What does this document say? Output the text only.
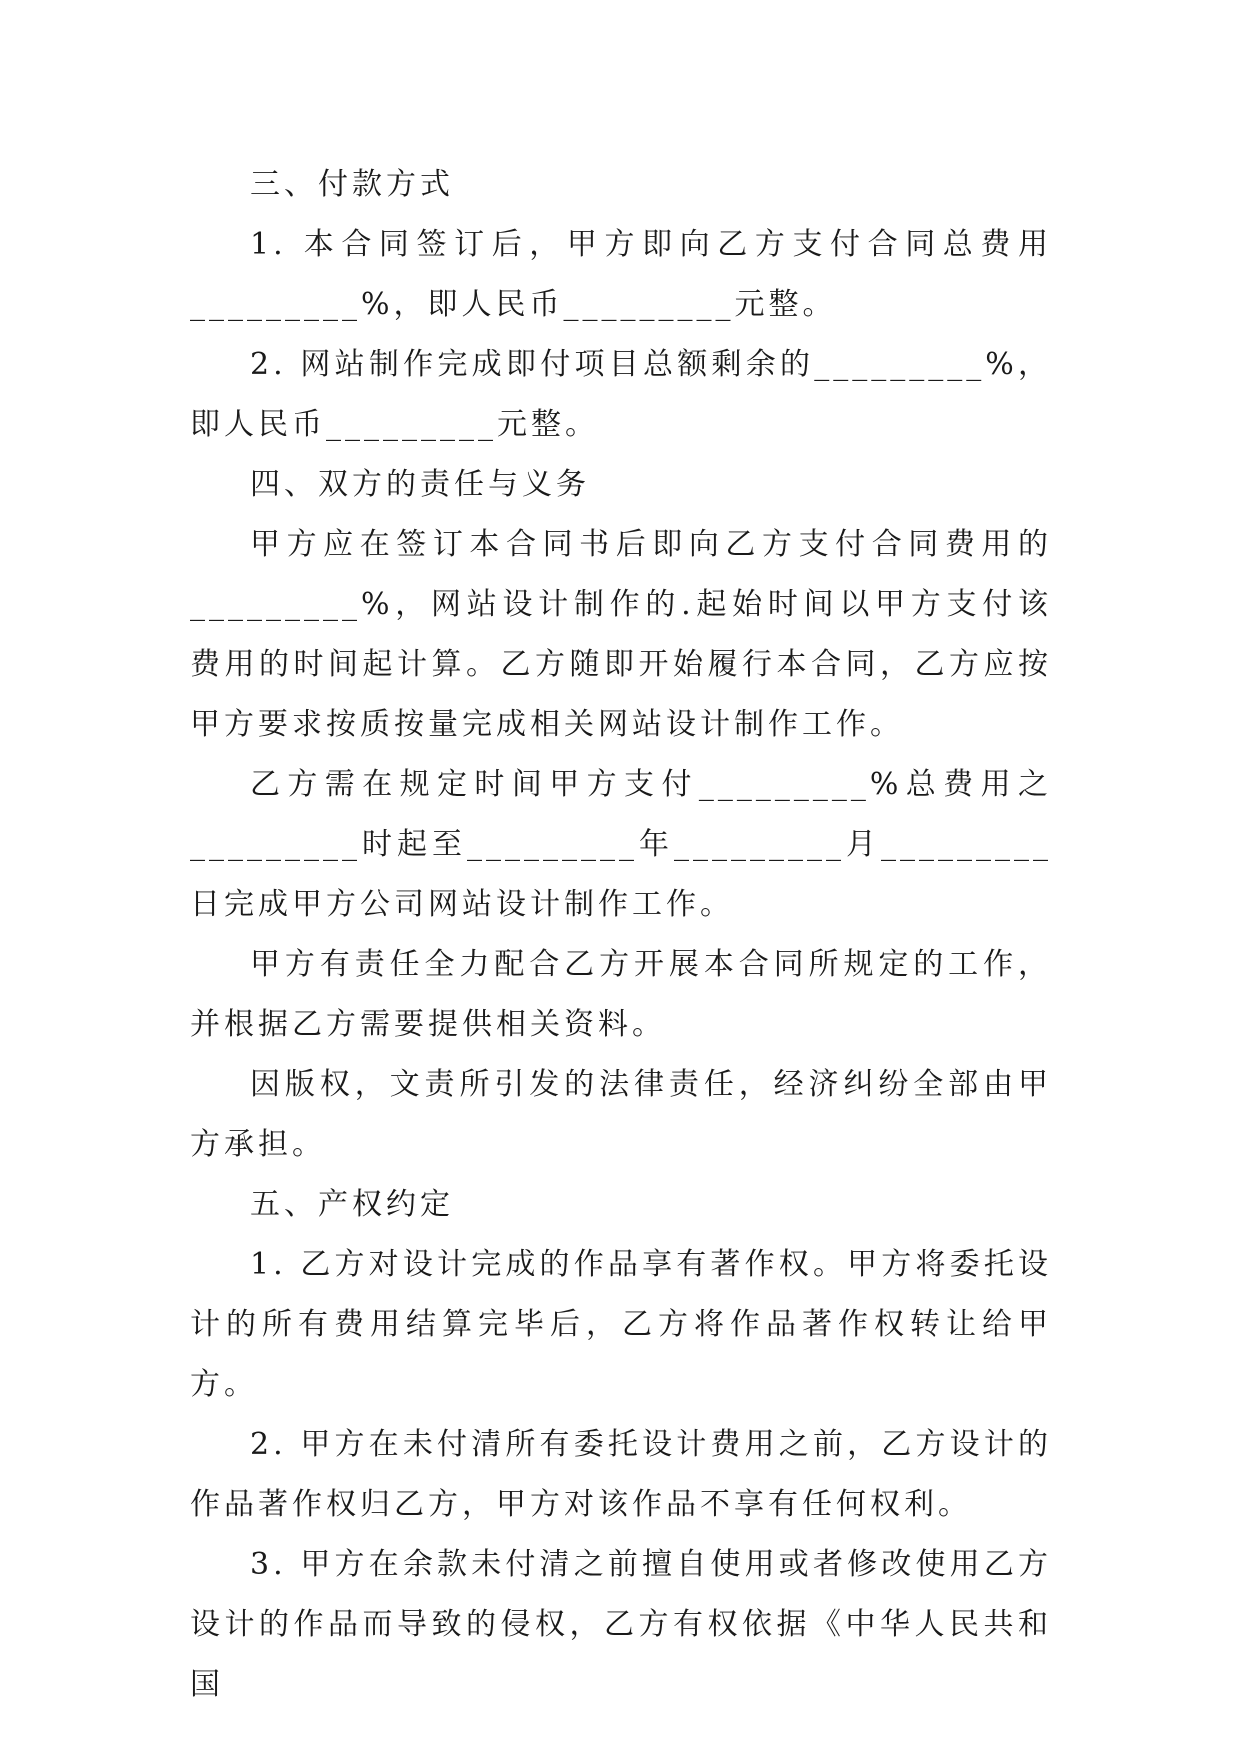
三、付款方式

1. 本合同签订后，甲方即向乙方支付合同总费用_________%，即人民币_________元整。

2. 网站制作完成即付项目总额剩余的_________%，即人民币_________元整。

四、双方的责任与义务

甲方应在签订本合同书后即向乙方支付合同费用的_________%，网站设计制作的.起始时间以甲方支付该费用的时间起计算。乙方随即开始履行本合同，乙方应按甲方要求按质按量完成相关网站设计制作工作。

乙方需在规定时间甲方支付_________%总费用之_________时起至_________年_________月_________日完成甲方公司网站设计制作工作。

甲方有责任全力配合乙方开展本合同所规定的工作，并根据乙方需要提供相关资料。

因版权，文责所引发的法律责任，经济纠纷全部由甲方承担。

五、产权约定

1. 乙方对设计完成的作品享有著作权。甲方将委托设计的所有费用结算完毕后，乙方将作品著作权转让给甲方。

2. 甲方在未付清所有委托设计费用之前，乙方设计的作品著作权归乙方，甲方对该作品不享有任何权利。

3. 甲方在余款未付清之前擅自使用或者修改使用乙方设计的作品而导致的侵权，乙方有权依据《中华人民共和国
